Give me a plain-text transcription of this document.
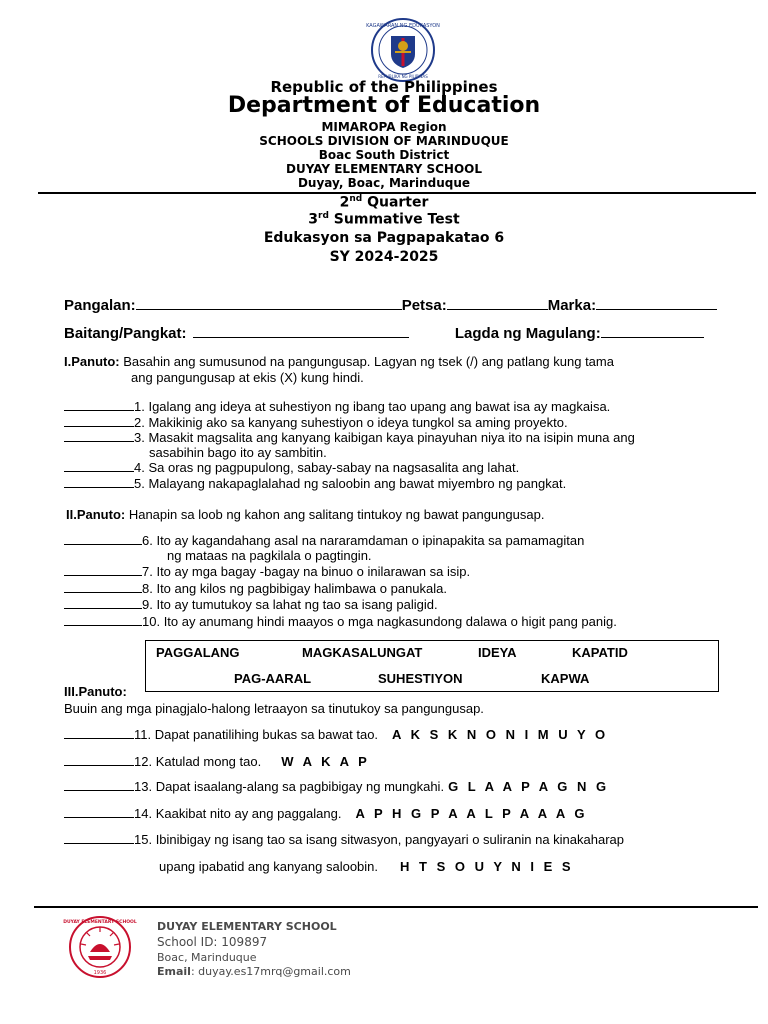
KAGAWARAN NG EDUKASYON
REPUBLIKA NG PILIPINAS
Republic of the Philippines
Department of Education
MIMAROPA Region
SCHOOLS DIVISION OF MARINDUQUE
Boac South District
DUYAY ELEMENTARY SCHOOL
Duyay, Boac, Marinduque
2nd Quarter
3rd Summative Test
Edukasyon sa Pagpapakatao 6
SY 2024-2025
Pangalan:	Petsa:	Marka:
Baitang/Pangkat:	Lagda ng Magulang:
I.Panuto: Basahin ang sumusunod na pangungusap. Lagyan ng tsek (/) ang patlang kung tama
ang pangungusap at ekis (X) kung hindi.
1. Igalang ang ideya at suhestiyon ng ibang tao upang ang bawat isa ay magkaisa.
2. Makikinig ako sa kanyang suhestiyon o ideya tungkol sa aming proyekto.
3. Masakit magsalita ang kanyang kaibigan kaya pinayuhan niya ito na isipin muna ang
sasabihin bago ito ay sambitin.
4. Sa oras ng pagpupulong, sabay-sabay na nagsasalita ang lahat.
5. Malayang nakapaglalahad ng saloobin ang bawat miyembro ng pangkat.
II.Panuto: Hanapin sa loob ng kahon ang salitang tintukoy ng bawat pangungusap.
6. Ito ay kagandahang asal na nararamdaman o ipinapakita sa pamamagitan
ng mataas na pagkilala o pagtingin.
7. Ito ay mga bagay -bagay na binuo o inilarawan sa isip.
8. Ito ang kilos ng pagbibigay halimbawa o panukala.
9. Ito ay tumutukoy sa lahat ng tao sa isang paligid.
10. Ito ay anumang hindi maayos o mga nagkasundong dalawa o higit pang panig.
PAGGALANG	MAGKASALUNGAT	IDEYA	KAPATID
PAG-AARAL	SUHESTIYON	KAPWA
III.Panuto:
Buuin ang mga pinagjalo-halong letraayon sa tinutukoy sa pangungusap.
11. Dapat panatilihing bukas sa bawat tao. A K S K N O N I M U Y O
12. Katulad mong tao. W A K A P
13. Dapat isaalang-alang sa pagbibigay ng mungkahi. G L A A P A G N G
14. Kaakibat nito ay ang paggalang. A P H G P A A L P A A A G
15. Ibinibigay ng isang tao sa isang sitwasyon, pangyayari o suliranin na kinakaharap
upang ipabatid ang kanyang saloobin. H T S O U Y N I E S
DUYAY ELEMENTARY SCHOOL
1936
DUYAY ELEMENTARY SCHOOL
School ID: 109897
Boac, Marinduque
Email: duyay.es17mrq@gmail.com
